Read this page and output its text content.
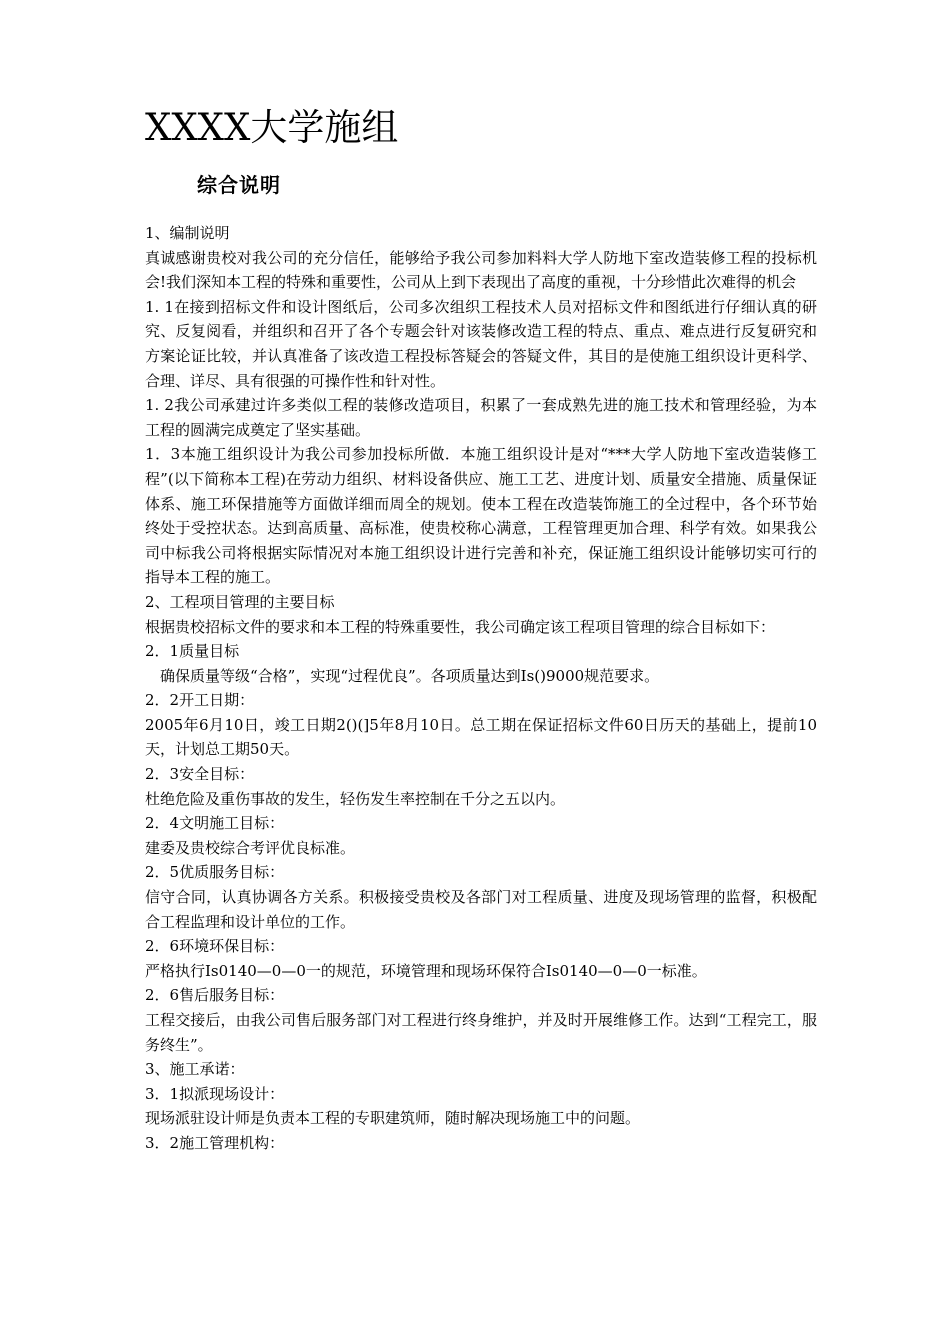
XXXX大学施组
综合说明

1、编制说明

真诚感谢贵校对我公司的充分信任，能够给予我公司参加料料大学人防地下室改造装修工程的投标机会!我们深知本工程的特殊和重要性，公司从上到下表现出了高度的重视，十分珍惜此次难得的机会

1. 1在接到招标文件和设计图纸后，公司多次组织工程技术人员对招标文件和图纸进行仔细认真的研究、反复阅看，并组织和召开了各个专题会针对该装修改造工程的特点、重点、难点进行反复研究和方案论证比较，并认真准备了该改造工程投标答疑会的答疑文件，其目的是使施工组织设计更科学、合理、详尽、具有很强的可操作性和针对性。

1. 2我公司承建过许多类似工程的装修改造项目，积累了一套成熟先进的施工技术和管理经验，为本工程的圆满完成奠定了坚实基础。

1．3本施工组织设计为我公司参加投标所做．本施工组织设计是对“***大学人防地下室改造装修工程”(以下简称本工程)在劳动力组织、材料设备供应、施工工艺、进度计划、质量安全措施、质量保证体系、施工环保措施等方面做详细而周全的规划。使本工程在改造装饰施工的全过程中，各个环节始终处于受控状态。达到高质量、高标准，使贵校称心满意，工程管理更加合理、科学有效。如果我公司中标我公司将根据实际情况对本施工组织设计进行完善和补充，保证施工组织设计能够切实可行的指导本工程的施工。

2、工程项目管理的主要目标

根据贵校招标文件的要求和本工程的特殊重要性，我公司确定该工程项目管理的综合目标如下：

2．1质量目标

确保质量等级“合格”，实现“过程优良”。各项质量达到Is()9000规范要求。

2．2开工日期：

2005年6月10日，竣工日期2()(]5年8月10日。总工期在保证招标文件60日历天的基础上，提前10天，计划总工期50天。

2．3安全目标：

杜绝危险及重伤事故的发生，轻伤发生率控制在千分之五以内。

2．4文明施工目标：

建委及贵校综合考评优良标准。

2．5优质服务目标：

信守合同，认真协调各方关系。积极接受贵校及各部门对工程质量、进度及现场管理的监督，积极配合工程监理和设计单位的工作。

2．6环境环保目标：

严格执行Is0140—0—0一的规范，环境管理和现场环保符合Is0140—0—0一标准。

2．6售后服务目标：

工程交接后，由我公司售后服务部门对工程进行终身维护，并及时开展维修工作。达到“工程完工，服务终生”。

3、施工承诺：

3．1拟派现场设计：

现场派驻设计师是负责本工程的专职建筑师，随时解决现场施工中的问题。

3．2施工管理机构：
